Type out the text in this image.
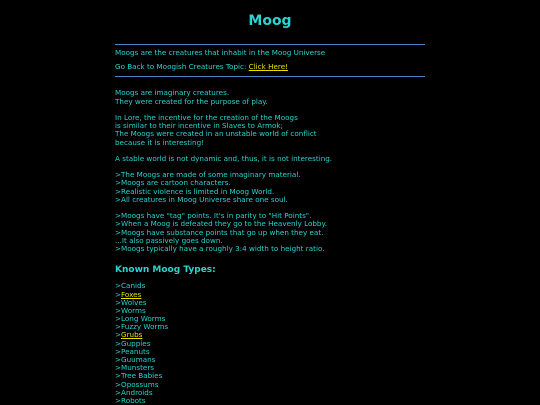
Moog
Moogs are the creatures that inhabit in the Moog Universe
Go Back to Moogish Creatures Topic: Click Here!
Moogs are imaginary creatures.
They were created for the purpose of play.
In Lore, the incentive for the creation of the Moogs
is similar to their incentive in Slaves to Armok;
The Moogs were created in an unstable world of conflict
because it is interesting!
A stable world is not dynamic and, thus, it is not interesting.
>The Moogs are made of some imaginary material.
>Moogs are cartoon characters.
>Realistic violence is limited in Moog World.
>All creatures in Moog Universe share one soul.
>Moogs have "tag" points. It's in parity to "Hit Points".
>When a Moog is defeated they go to the Heavenly Lobby.
>Moogs have substance points that go up when they eat.
...It also passively goes down.
>Moogs typically have a roughly 3:4 width to height ratio.
Known Moog Types:
>Canids
>Foxes
>Wolves
>Worms
>Long Worms
>Fuzzy Worms
>Grubs
>Guppies
>Peanuts
>Guumans
>Munsters
>Tree Babies
>Opossums
>Androids
>Robots
